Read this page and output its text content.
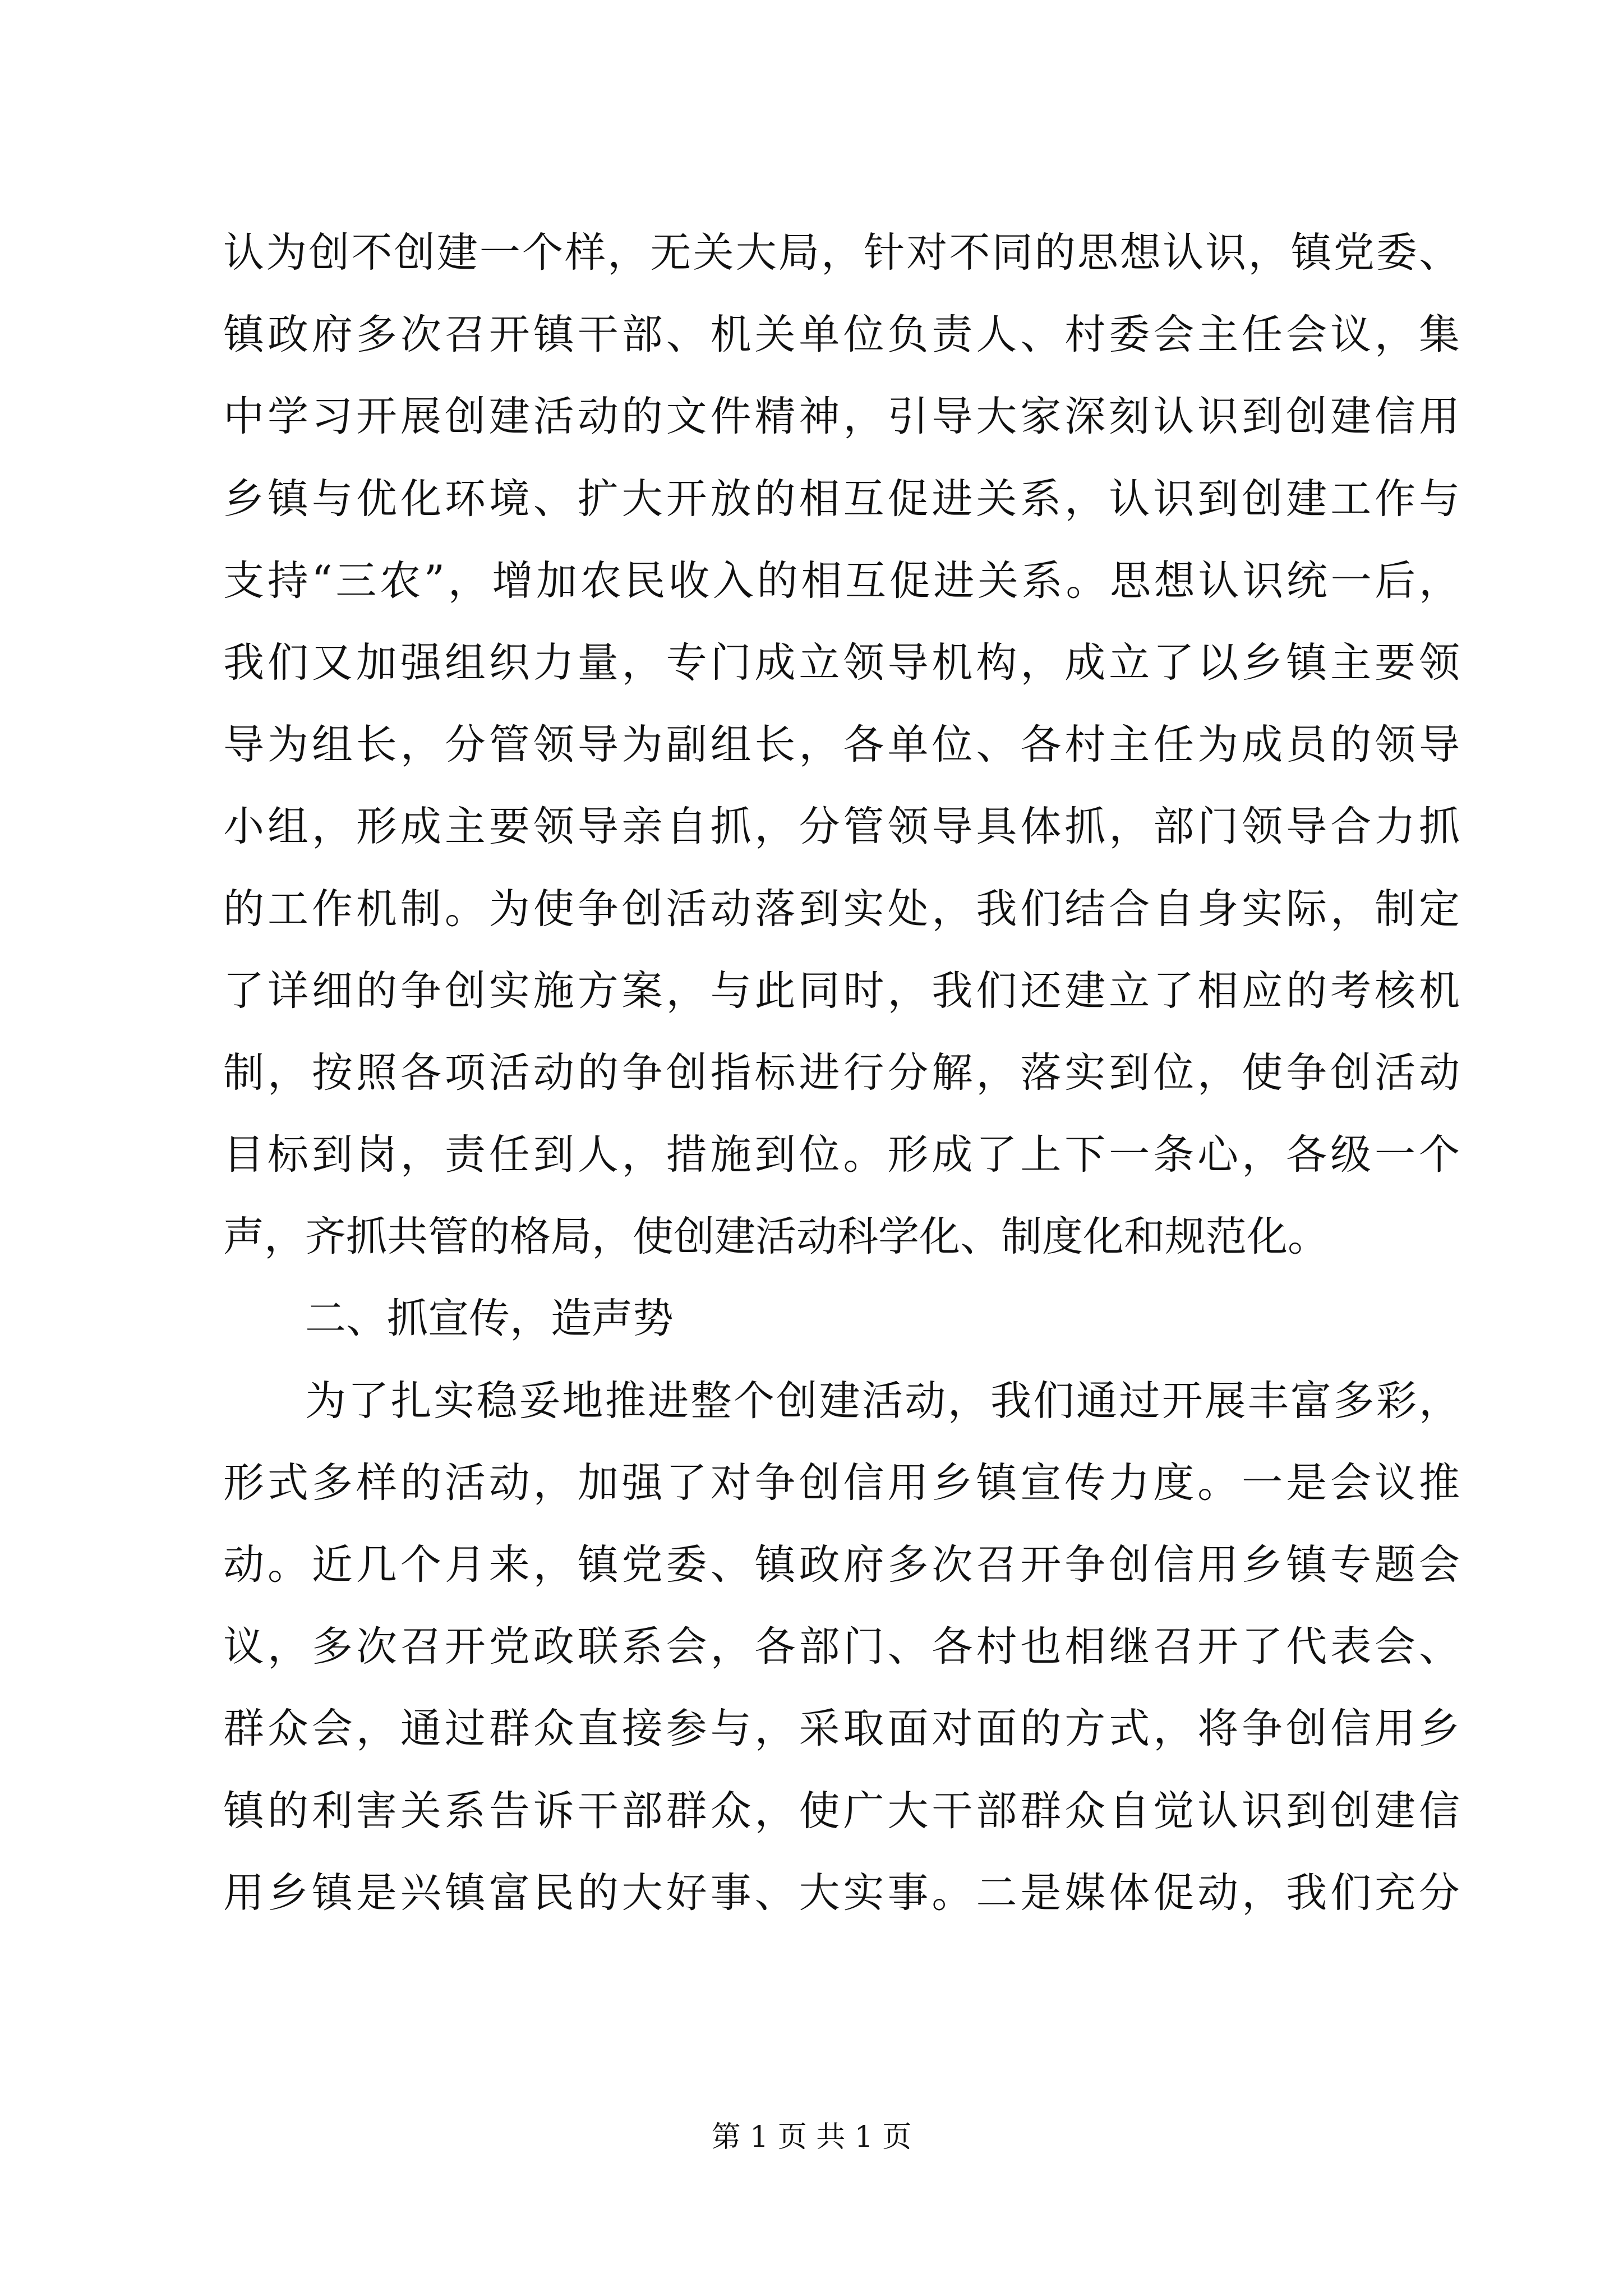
认为创不创建一个样，无关大局，针对不同的思想认识，镇党委、
镇政府多次召开镇干部、机关单位负责人、村委会主任会议，集
中学习开展创建活动的文件精神，引导大家深刻认识到创建信用
乡镇与优化环境、扩大开放的相互促进关系，认识到创建工作与
支持“三农”，增加农民收入的相互促进关系。思想认识统一后，
我们又加强组织力量，专门成立领导机构，成立了以乡镇主要领
导为组长，分管领导为副组长，各单位、各村主任为成员的领导
小组，形成主要领导亲自抓，分管领导具体抓，部门领导合力抓
的工作机制。为使争创活动落到实处，我们结合自身实际，制定
了详细的争创实施方案，与此同时，我们还建立了相应的考核机
制，按照各项活动的争创指标进行分解，落实到位，使争创活动
目标到岗，责任到人，措施到位。形成了上下一条心，各级一个
声，齐抓共管的格局，使创建活动科学化、制度化和规范化。
二、抓宣传，造声势
为了扎实稳妥地推进整个创建活动，我们通过开展丰富多彩，
形式多样的活动，加强了对争创信用乡镇宣传力度。一是会议推
动。近几个月来，镇党委、镇政府多次召开争创信用乡镇专题会
议，多次召开党政联系会，各部门、各村也相继召开了代表会、
群众会，通过群众直接参与，采取面对面的方式，将争创信用乡
镇的利害关系告诉干部群众，使广大干部群众自觉认识到创建信
用乡镇是兴镇富民的大好事、大实事。二是媒体促动，我们充分
第 1 页 共 1 页
